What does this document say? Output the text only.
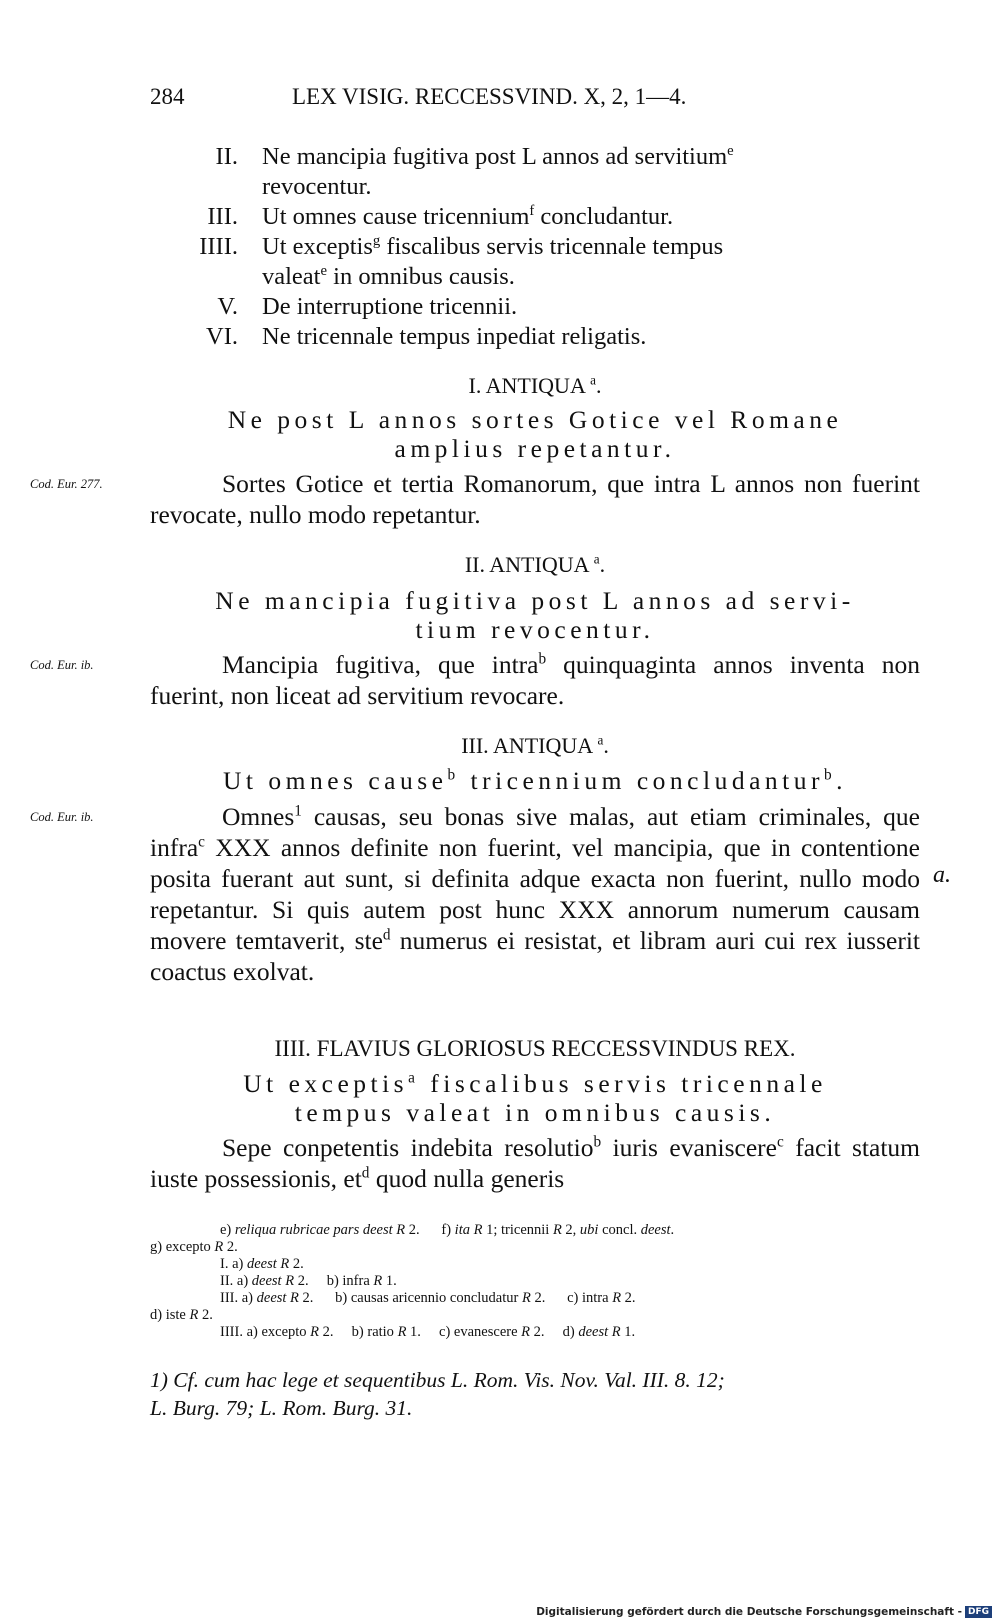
284	LEX VISIG. RECCESSVIND. X, 2, 1—4.
II. Ne mancipia fugitiva post L annos ad servitium$^e$
revocentur.
III. Ut omnes cause tricennium$^f$ concludantur.
IIII. Ut exceptis$^g$ fiscalibus servis tricennale tempus
valeat$^e$ in omnibus causis.
V. De interruptione tricennii.
VI. Ne tricennale tempus inpediat religatis.
I. ANTIQUA $^a$.
Ne post L annos sortes Gotice vel Romane
amplius repetantur.
Cod. Eur. 277.	Sortes Gotice et tertia Romanorum, que intra L annos non fuerint revocate, nullo modo repetantur.

II. ANTIQUA $^a$.
Ne mancipia fugitiva post L annos ad servi-
tium revocentur.
Cod. Eur. ib.	Mancipia fugitiva, que intra$^b$ quinquaginta annos inventa non fuerint, non liceat ad servitium revocare.

III. ANTIQUA $^a$.
Ut omnes cause$^b$ tricennium concludantur$^b$.
Cod. Eur. ib.	Omnes$^1$ causas, seu bonas sive malas, aut etiam criminales, que infra$^c$ XXX annos definite non fuerint, vel mancipia, que in contentione posita fuerant aut sunt, si definita adque exacta non fuerint, nullo modo repetantur. Si quis autem post hunc XXX annorum numerum causam movere temtaverit, ste$^d$ numerus ei resistat, et libram auri cui rex iusserit coactus exolvat.

a.
IIII. FLAVIUS GLORIOSUS RECCESSVINDUS REX.
Ut exceptis$^a$ fiscalibus servis tricennale
tempus valeat in omnibus causis.

Sepe conpetentis indebita resolutio$^b$ iuris evaniscere$^c$ facit statum iuste possessionis, $et^d$ quod nulla generis

e) reliqua rubricae pars deest R 2.      f) ita R 1; tricennii R 2, ubi concl. deest.
g) excepto R 2.
I. a) deest R 2.
II. a) deest R 2.     b) infra R 1.
III. a) deest R 2.      b) causas aricennio concludatur R 2.      c) intra R 2.
d) iste R 2.
IIII. a) excepto R 2.     b) ratio R 1.     c) evanescere R 2.     d) deest R 1.
1) Cf. cum hac lege et sequentibus L. Rom. Vis. Nov. Val. III. 8. 12;
L. Burg. 79; L. Rom. Burg. 31.
Digitalisierung gefördert durch die Deutsche Forschungsgemeinschaft - DFG
